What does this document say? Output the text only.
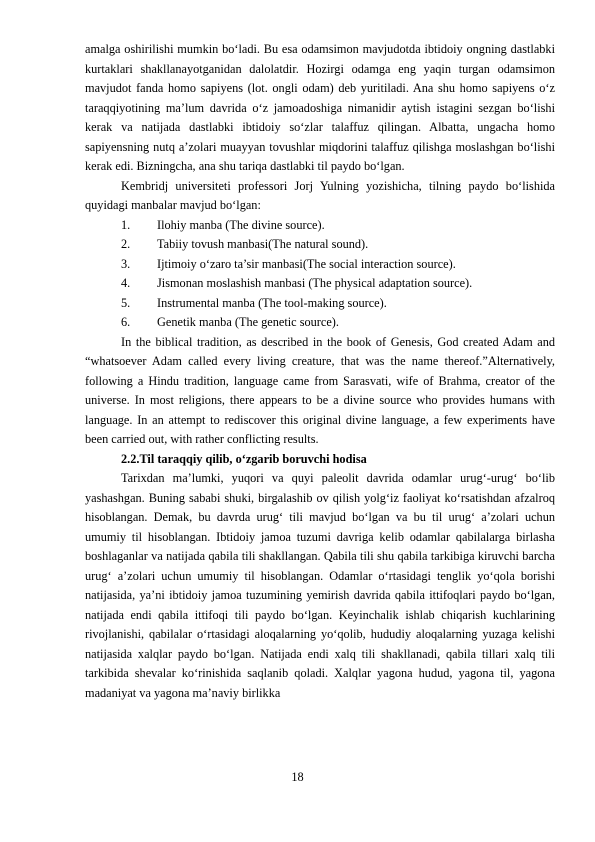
amalga oshirilishi mumkin bo‘ladi. Bu esa odamsimon mavjudotda ibtidoiy ongning dastlabki kurtaklari shakllanayotganidan dalolatdir. Hozirgi odamga eng yaqin turgan odamsimon mavjudot fanda homo sapiyens (lot. ongli odam) deb yuritiladi. Ana shu homo sapiyens o‘z taraqqiyotining ma’lum davrida o‘z jamoadoshiga nimanidir aytish istagini sezgan bo‘lishi kerak va natijada dastlabki ibtidoiy so‘zlar talaffuz qilingan. Albatta, ungacha homo sapiyensning nutq a’zolari muayyan tovushlar miqdorini talaffuz qilishga moslashgan bo‘lishi kerak edi. Bizningcha, ana shu tariqa dastlabki til paydo bo‘lgan.

Kembridj universiteti professori Jorj Yulning yozishicha, tilning paydo bo‘lishida quyidagi manbalar mavjud bo‘lgan:

1.	Ilohiy manba (The divine source).
2.	Tabiiy tovush manbasi(The natural sound).
3.	Ijtimoiy o‘zaro ta’sir manbasi(The social interaction source).
4.	Jismonan moslashish manbasi (The physical adaptation source).
5.	Instrumental manba (The tool-making source).
6.	Genetik manba (The genetic source).

In the biblical tradition, as described in the book of Genesis, God created Adam and “whatsoever Adam called every living creature, that was the name thereof.”Alternatively, following a Hindu tradition, language came from Sarasvati, wife of Brahma, creator of the universe. In most religions, there appears to be a divine source who provides humans with language. In an attempt to rediscover this original divine language, a few experiments have been carried out, with rather conflicting results.

2.2.Til taraqqiy qilib, o‘zgarib boruvchi hodisa

Tarixdan ma’lumki, yuqori va quyi paleolit davrida odamlar urug‘-urug‘ bo‘lib yashashgan. Buning sababi shuki, birgalashib ov qilish yolg‘iz faoliyat ko‘rsatishdan afzalroq hisoblangan. Demak, bu davrda urug‘ tili mavjud bo‘lgan va bu til urug‘ a’zolari uchun umumiy til hisoblangan. Ibtidoiy jamoa tuzumi davriga kelib odamlar qabilalarga birlasha boshlaganlar va natijada qabila tili shakllangan. Qabila tili shu qabila tarkibiga kiruvchi barcha urug‘ a’zolari uchun umumiy til hisoblangan. Odamlar o‘rtasidagi tenglik yo‘qola borishi natijasida, ya’ni ibtidoiy jamoa tuzumining yemirish davrida qabila ittifoqlari paydo bo‘lgan, natijada endi qabila ittifoqi tili paydo bo‘lgan. Keyinchalik ishlab chiqarish kuchlarining rivojlanishi, qabilalar o‘rtasidagi aloqalarning yo‘qolib, hududiy aloqalarning yuzaga kelishi natijasida xalqlar paydo bo‘lgan. Natijada endi xalq tili shakllanadi, qabila tillari xalq tili tarkibida shevalar ko‘rinishida saqlanib qoladi. Xalqlar yagona hudud, yagona til, yagona madaniyat va yagona ma’naviy birlikka

18
